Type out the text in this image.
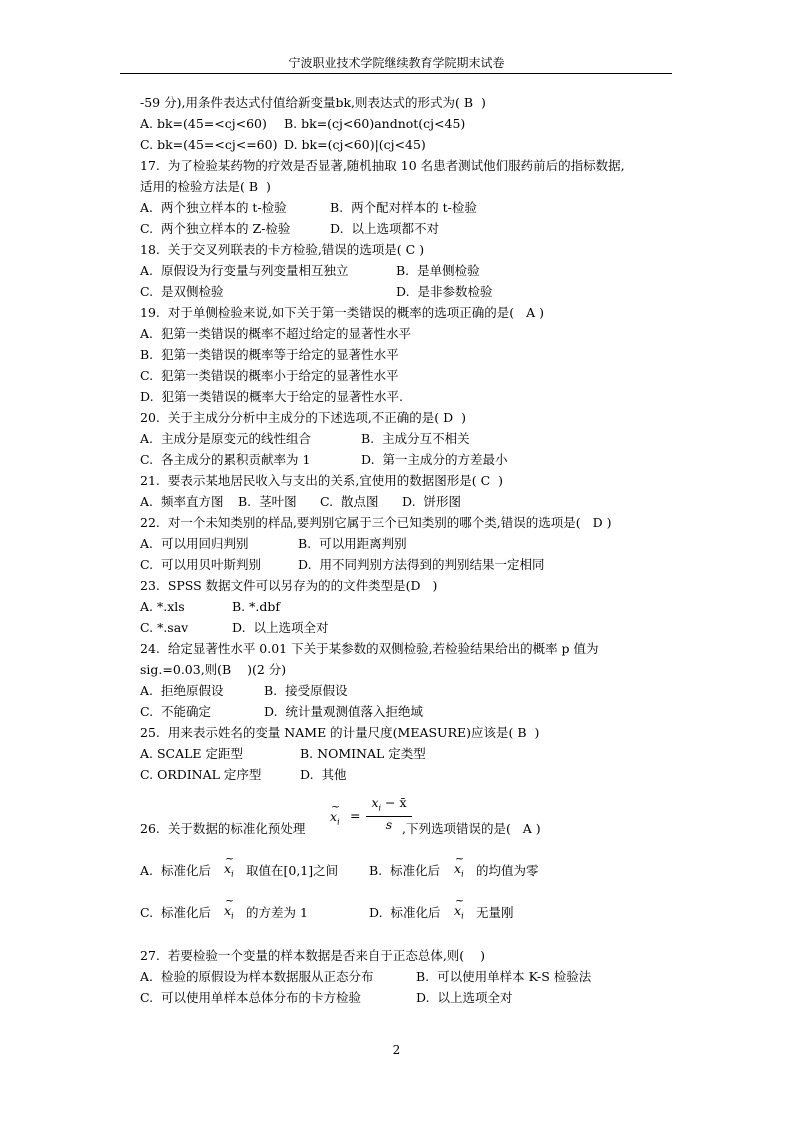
宁波职业技术学院继续教育学院期末试卷
-59 分),用条件表达式付值给新变量bk,则表达式的形式为( B  )
A. bk=(45=<cj<60) B. bk=(cj<60)andnot(cj<45)
C. bk=(45=<cj<=60) D. bk=(cj<60)|(cj<45)
17.  为了检验某药物的疗效是否显著,随机抽取 10 名患者测试他们服药前后的指标数据,
适用的检验方法是( B  )
A.  两个独立样本的 t-检验	B.  两个配对样本的 t-检验
C.  两个独立样本的 Z-检验	D.  以上选项都不对
18.  关于交叉列联表的卡方检验,错误的选项是( C )
A.  原假设为行变量与列变量相互独立	B.  是单侧检验
C.  是双侧检验	D.  是非参数检验
19.  对于单侧检验来说,如下关于第一类错误的概率的选项正确的是(   A )
A.  犯第一类错误的概率不超过给定的显著性水平
B.  犯第一类错误的概率等于给定的显著性水平
C.  犯第一类错误的概率小于给定的显著性水平
D.  犯第一类错误的概率大于给定的显著性水平.
20.  关于主成分分析中主成分的下述选项,不正确的是( D  )
A.  主成分是原变元的线性组合	B.  主成分互不相关
C.  各主成分的累积贡献率为 1	D.  第一主成分的方差最小
21.  要表示某地居民收入与支出的关系,宜使用的数据图形是( C  )
A.  频率直方图 B.  茎叶图 C.  散点图 D.  饼形图
22.  对一个未知类别的样品,要判别它属于三个已知类别的哪个类,错误的选项是(   D )
A.  可以用回归判别	B.  可以用距离判别
C.  可以用贝叶斯判别	D.  用不同判别方法得到的判别结果一定相同
23.  SPSS 数据文件可以另存为的的文件类型是(D   )
A. *.xls	B. *.dbf
C. *.sav	D.  以上选项全对
24.  给定显著性水平 0.01 下关于某参数的双侧检验,若检验结果给出的概率 p 值为
sig.=0.03,则(B    )(2 分)
A.  拒绝原假设	B.  接受原假设
C.  不能确定	D.  统计量观测值落入拒绝域
25.  用来表示姓名的变量 NAME 的计量尺度(MEASURE)应该是( B  )
A. SCALE 定距型	B. NOMINAL 定类型
C. ORDINAL 定序型	D.  其他
26.  关于数据的标准化预处理
~
$x_i = \frac{x_i - x̄}{s}$
,下列选项错误的是(   A )
A.  标准化后
~
$x_i$ 取值在[0,1]之间 B.  标准化后
~
$x_i$ 的均值为零
C.  标准化后
~
$x_i$ 的方差为 1	D.  标准化后
~
$x_i$ 无量刚
27.  若要检验一个变量的样本数据是否来自于正态总体,则(    )
A.  检验的原假设为样本数据服从正态分布	B.  可以使用单样本 K-S 检验法
C.  可以使用单样本总体分布的卡方检验	D.  以上选项全对
2
